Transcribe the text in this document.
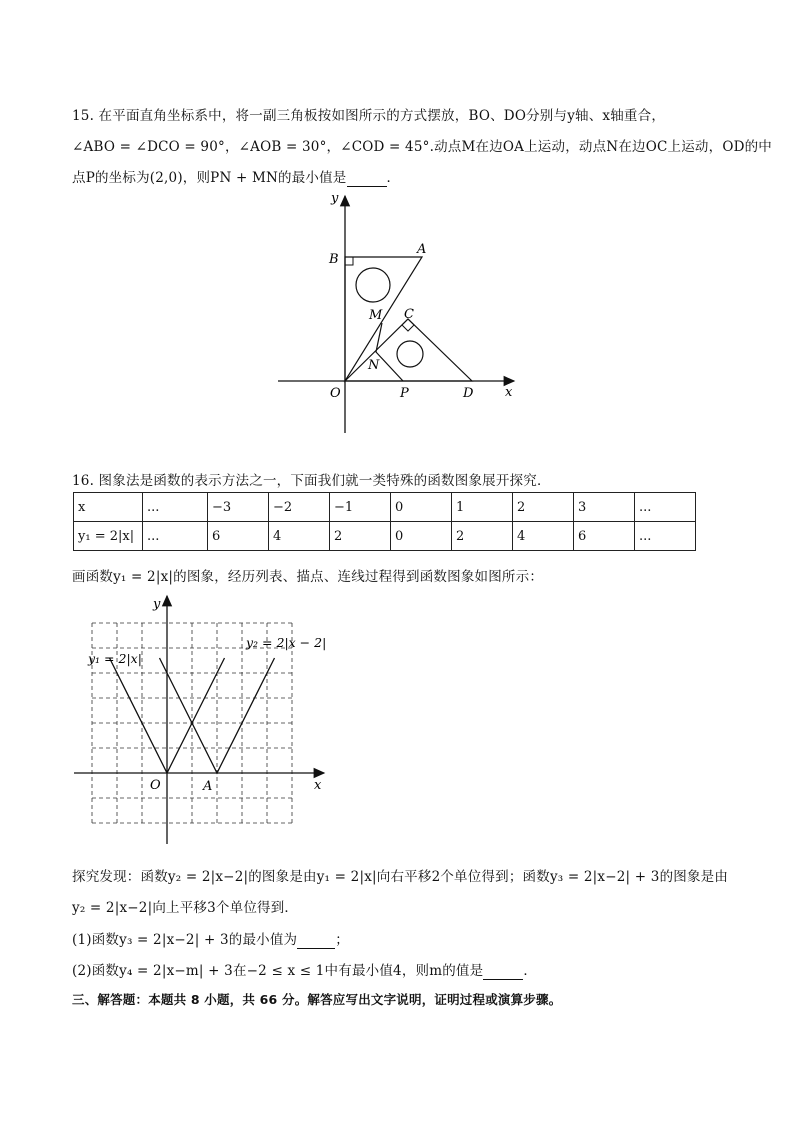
15. 在平面直角坐标系中，将一副三角板按如图所示的方式摆放，BO、DO分别与y轴、x轴重合，
∠ABO = ∠DCO = 90°，∠AOB = 30°，∠COD = 45°.动点M在边OA上运动，动点N在边OC上运动，OD的中
点P的坐标为(2,0)，则PN + MN的最小值是	．
y
x
B
A
M C
N
O	P	D
16. 图象法是函数的表示方法之一，下面我们就一类特殊的函数图象展开探究．
x	...	−3	−2	−1	0	1	2	3	...
y₁ = 2|x|	...	6	4	2	0	2	4	6	...
画函数y₁ = 2|x|的图象，经历列表、描点、连线过程得到函数图象如图所示：
y
x
O	A
y₁ = 2|x|
y₂ = 2|x − 2|
探究发现：函数y₂ = 2|x−2|的图象是由y₁ = 2|x|向右平移2个单位得到；函数y₃ = 2|x−2| + 3的图象是由
y₂ = 2|x−2|向上平移3个单位得到．
(1)函数y₃ = 2|x−2| + 3的最小值为	；
(2)函数y₄ = 2|x−m| + 3在−2 ≤ x ≤ 1中有最小值4，则m的值是	．
三、解答题：本题共 8 小题，共 66 分。解答应写出文字说明，证明过程或演算步骤。
